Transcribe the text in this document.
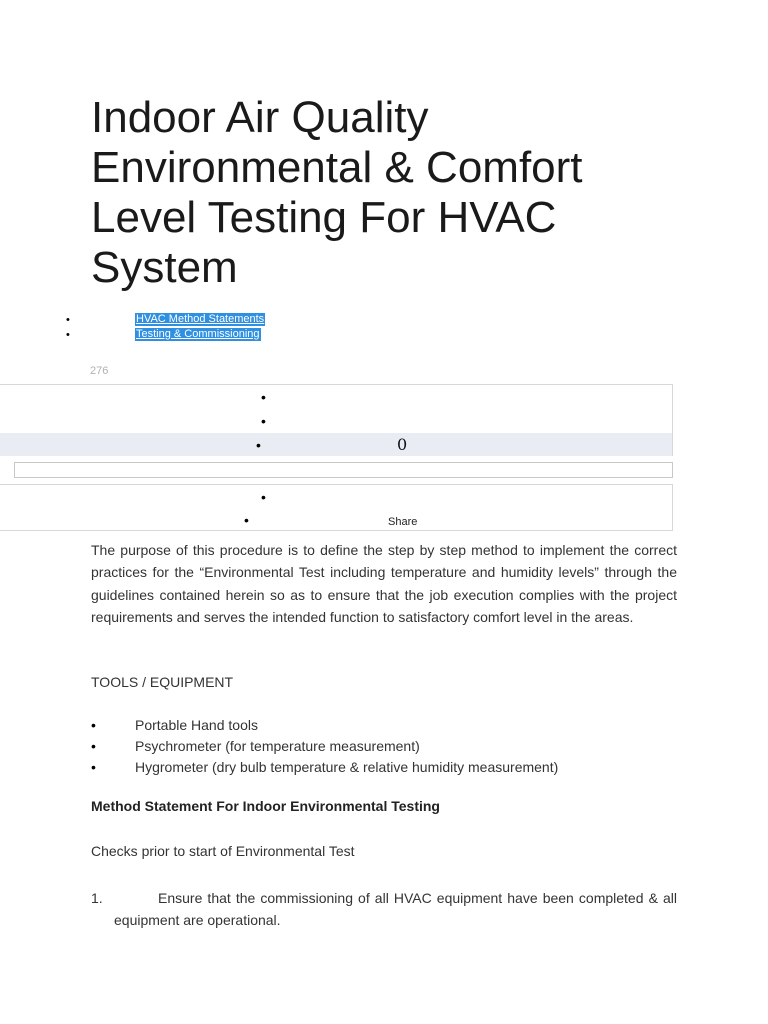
Indoor Air Quality Environmental & Comfort Level Testing For HVAC System
•	HVAC Method Statements
•	Testing & Commissioning
276
•
•
•	0
•
•	Share

The purpose of this procedure is to define the step by step method to implement the correct practices for the “Environmental Test including temperature and humidity levels” through the guidelines contained herein so as to ensure that the job execution complies with the project requirements and serves the intended function to satisfactory comfort level in the areas.

TOOLS / EQUIPMENT
•	Portable Hand tools
•	Psychrometer (for temperature measurement)
•	Hygrometer (dry bulb temperature & relative humidity measurement)
Method Statement For Indoor Environmental Testing
Checks prior to start of Environmental Test
1.	Ensure that the commissioning of all HVAC equipment have been completed & all equipment are operational.
